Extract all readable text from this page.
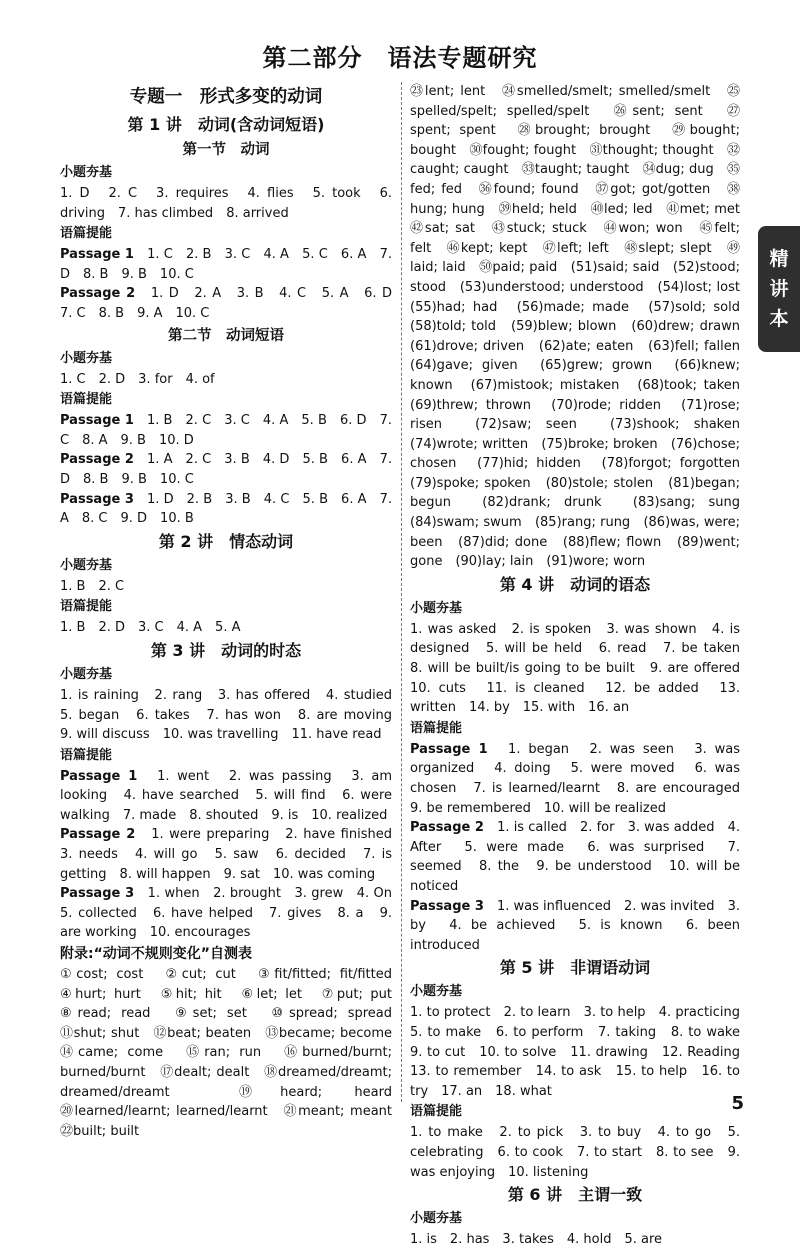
第二部分　语法专题研究
专题一　形式多变的动词
第 1 讲　动词(含动词短语)
第一节　动词
小题夯基
1. D　2. C　3. requires　4. flies　5. took　6. driving　7. has climbed　8. arrived
语篇提能
Passage 1　1. C　2. B　3. C　4. A　5. C　6. A　7. D　8. B　9. B　10. C
Passage 2　1. D　2. A　3. B　4. C　5. A　6. D　7. C　8. B　9. A　10. C
第二节　动词短语
小题夯基
1. C　2. D　3. for　4. of
语篇提能
Passage 1　1. B　2. C　3. C　4. A　5. B　6. D　7. C　8. A　9. B　10. D
Passage 2　1. A　2. C　3. B　4. D　5. B　6. A　7. D　8. B　9. B　10. C
Passage 3　1. D　2. B　3. B　4. C　5. B　6. A　7. A　8. C　9. D　10. B
第 2 讲　情态动词
小题夯基
1. B　2. C
语篇提能
1. B　2. D　3. C　4. A　5. A
第 3 讲　动词的时态
小题夯基
1. is raining　2. rang　3. has offered　4. studied　5. began　6. takes　7. has won　8. are moving　9. will discuss　10. was travelling　11. have read
语篇提能
Passage 1　1. went　2. was passing　3. am looking　4. have searched　5. will find　6. were walking　7. made　8. shouted　9. is　10. realized
Passage 2　1. were preparing　2. have finished　3. needs　4. will go　5. saw　6. decided　7. is getting　8. will happen　9. sat　10. was coming
Passage 3　1. when　2. brought　3. grew　4. On　5. collected　6. have helped　7. gives　8. a　9. are working　10. encourages
附录:“动词不规则变化”自测表
①cost; cost　②cut; cut　③fit/fitted; fit/fitted　④hurt; hurt　⑤hit; hit　⑥let; let　⑦put; put　⑧read; read　⑨set; set　⑩spread; spread　⑪shut; shut　⑫beat; beaten　⑬became; become　⑭came; come　⑮ran; run　⑯burned/burnt; burned/burnt　⑰dealt; dealt　⑱dreamed/dreamt; dreamed/dreamt　⑲heard; heard　⑳learned/learnt; learned/learnt　㉑meant; meant　㉒built; built
㉓lent; lent　㉔smelled/smelt; smelled/smelt　㉕spelled/spelt; spelled/spelt　㉖sent; sent　㉗spent; spent　㉘brought; brought　㉙bought; bought　㉚fought; fought　㉛thought; thought　㉜caught; caught　㉝taught; taught　㉞dug; dug　㉟fed; fed　㊱found; found　㊲got; got/gotten　㊳hung; hung　㊴held; held　㊵led; led　㊶met; met　㊷sat; sat　㊸stuck; stuck　㊹won; won　㊺felt; felt　㊻kept; kept　㊼left; left　㊽slept; slept　㊾laid; laid　㊿paid; paid　(51)said; said　(52)stood; stood　(53)understood; understood　(54)lost; lost　(55)had; had　(56)made; made　(57)sold; sold　(58)told; told　(59)blew; blown　(60)drew; drawn　(61)drove; driven　(62)ate; eaten　(63)fell; fallen　(64)gave; given　(65)grew; grown　(66)knew; known　(67)mistook; mistaken　(68)took; taken　(69)threw; thrown　(70)rode; ridden　(71)rose; risen　(72)saw; seen　(73)shook; shaken　(74)wrote; written　(75)broke; broken　(76)chose; chosen　(77)hid; hidden　(78)forgot; forgotten　(79)spoke; spoken　(80)stole; stolen　(81)began; begun　(82)drank; drunk　(83)sang; sung　(84)swam; swum　(85)rang; rung　(86)was, were; been　(87)did; done　(88)flew; flown　(89)went; gone　(90)lay; lain　(91)wore; worn
第 4 讲　动词的语态
小题夯基
1. was asked　2. is spoken　3. was shown　4. is designed　5. will be held　6. read　7. be taken　8. will be built/is going to be built　9. are offered　10. cuts　11. is cleaned　12. be added　13. written　14. by　15. with　16. an
语篇提能
Passage 1　1. began　2. was seen　3. was organized　4. doing　5. were moved　6. was chosen　7. is learned/learnt　8. are encouraged　9. be remembered　10. will be realized
Passage 2　1. is called　2. for　3. was added　4. After　5. were made　6. was surprised　7. seemed　8. the　9. be understood　10. will be noticed
Passage 3　1. was influenced　2. was invited　3. by　4. be achieved　5. is known　6. been introduced
第 5 讲　非谓语动词
小题夯基
1. to protect　2. to learn　3. to help　4. practicing　5. to make　6. to perform　7. taking　8. to wake　9. to cut　10. to solve　11. drawing　12. Reading　13. to remember　14. to ask　15. to help　16. to try　17. an　18. what
语篇提能
1. to make　2. to pick　3. to buy　4. to go　5. celebrating　6. to cook　7. to start　8. to see　9. was enjoying　10. listening
第 6 讲　主谓一致
小题夯基
1. is　2. has　3. takes　4. hold　5. are
精
讲
本
5
